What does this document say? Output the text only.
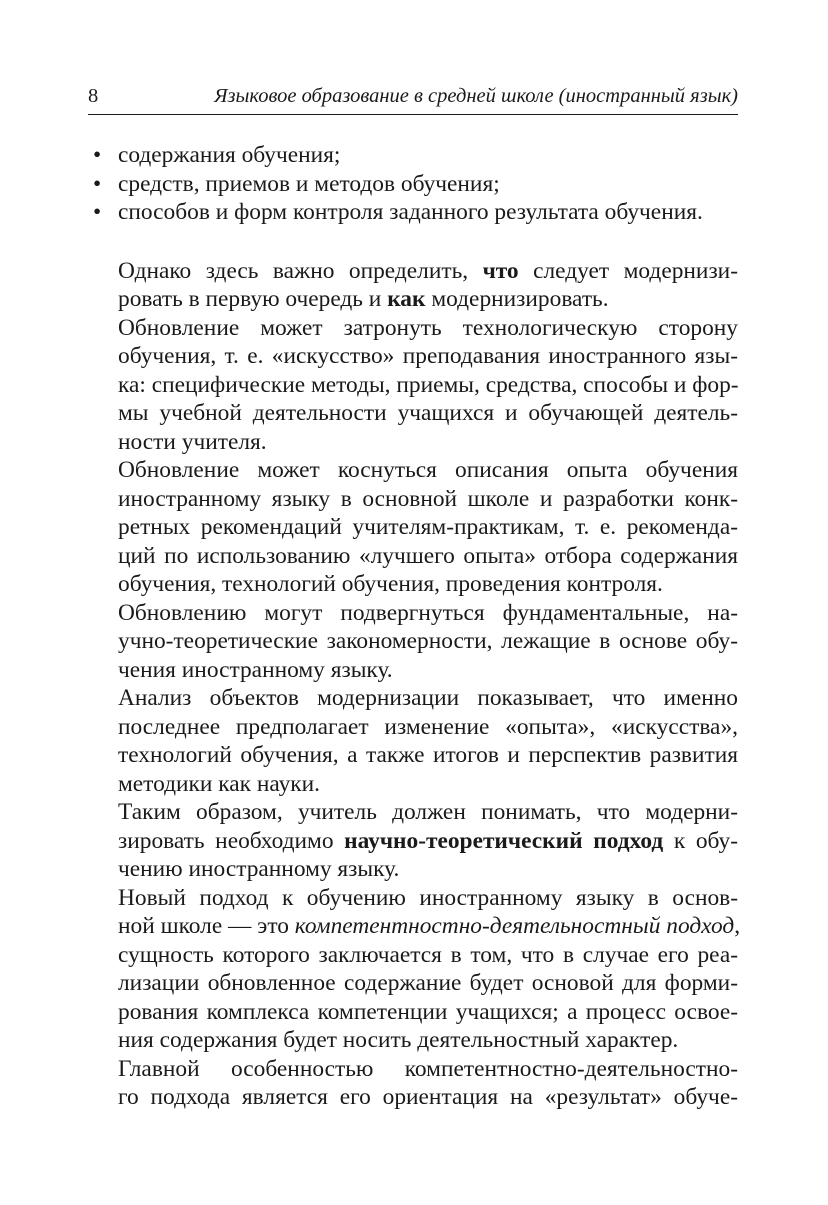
8	Языковое образование в средней школе (иностранный язык)
• содержания обучения;
• средств, приемов и методов обучения;
• способов и форм контроля заданного результата обучения.

Однако здесь важно определить, что следует модернизи-
ровать в первую очередь и как модернизировать.

Обновление может затронуть технологическую сторону
обучения, т. е. «искусство» преподавания иностранного язы-
ка: специфические методы, приемы, средства, способы и фор-
мы учебной деятельности учащихся и обучающей деятель-
ности учителя.

Обновление может коснуться описания опыта обучения
иностранному языку в основной школе и разработки конк-
ретных рекомендаций учителям-практикам, т. е. рекоменда-
ций по использованию «лучшего опыта» отбора содержания
обучения, технологий обучения, проведения контроля.

Обновлению могут подвергнуться фундаментальные, на-
учно-теоретические закономерности, лежащие в основе обу-
чения иностранному языку.

Анализ объектов модернизации показывает, что именно
последнее предполагает изменение «опыта», «искусства»,
технологий обучения, а также итогов и перспектив развития
методики как науки.

Таким образом, учитель должен понимать, что модерни-
зировать необходимо научно-теоретический подход к обу-
чению иностранному языку.

Новый подход к обучению иностранному языку в основ-
ной школе — это компетентностно-деятельностный подход,
сущность которого заключается в том, что в случае его реа-
лизации обновленное содержание будет основой для форми-
рования комплекса компетенции учащихся; а процесс освое-
ния содержания будет носить деятельностный характер.

Главной особенностью компетентностно-деятельностно-
го подхода является его ориентация на «результат» обуче-
